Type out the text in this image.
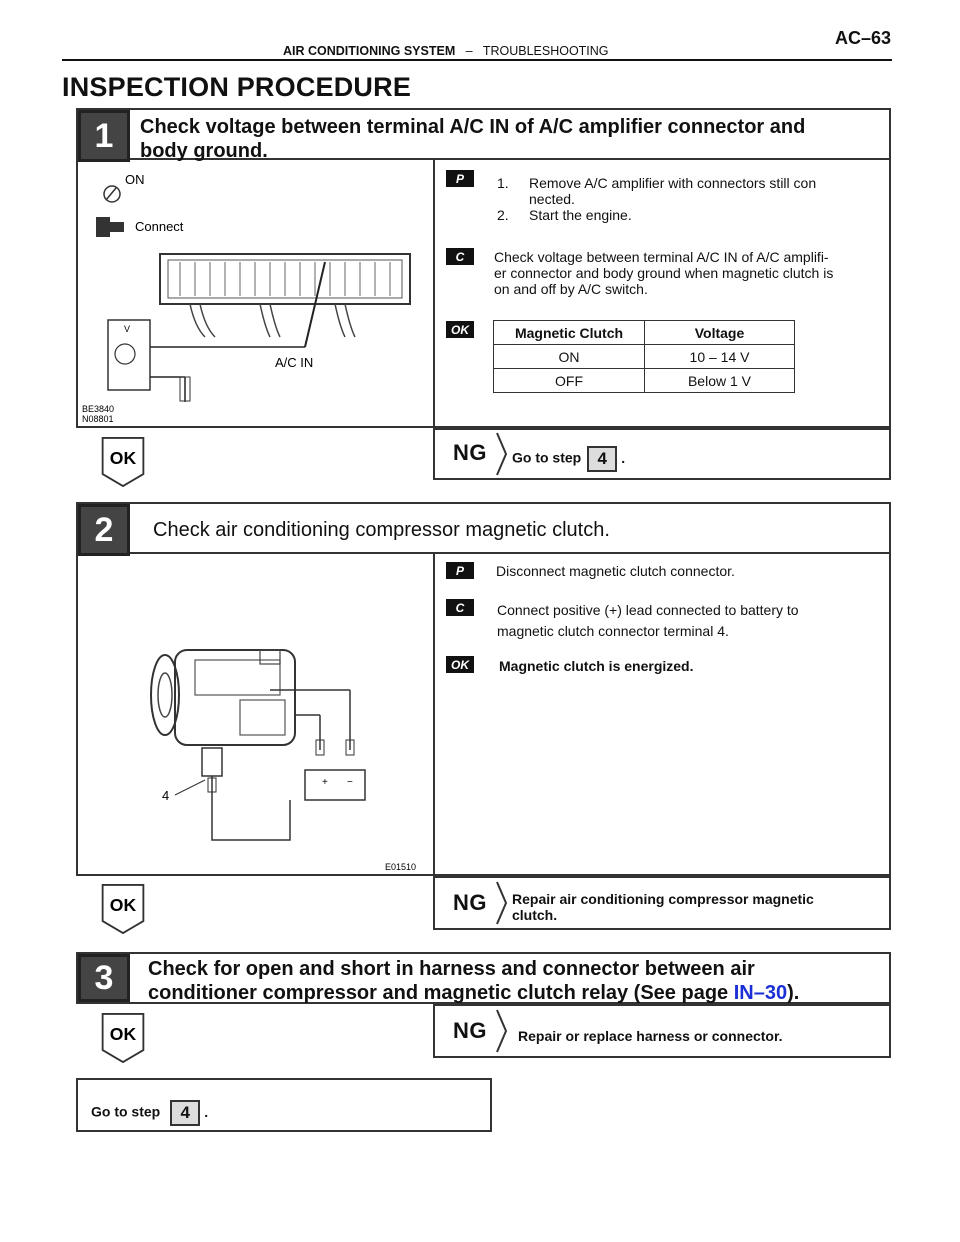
AIR CONDITIONING SYSTEM – TROUBLESHOOTING
AC–63
INSPECTION PROCEDURE
1	Check voltage between terminal A/C IN of A/C amplifier connector and
body ground.
ON
Connect
V
A/C IN
BE3840
N08801
P	1. Remove A/C amplifier with connectors still con
nected.
2. Start the engine.
C	Check voltage between terminal A/C IN of A/C amplifi-
er connector and body ground when magnetic clutch is
on and off by A/C switch.
OK	Magnetic Clutch	Voltage
ON	10 – 14 V
OFF	Below 1 V
OK	NG Go to step 4 .
2	Check air conditioning compressor magnetic clutch.
+ −
4
E01510
P	Disconnect magnetic clutch connector.
C	Connect positive (+) lead connected to battery to
magnetic clutch connector terminal 4.
OK	Magnetic clutch is energized.
OK	NG Repair air conditioning compressor magnetic
clutch.
3	Check for open and short in harness and connector between air
conditioner compressor and magnetic clutch relay (See page IN–30).
OK	NG Repair or replace harness or connector.
Go to step 4 .
